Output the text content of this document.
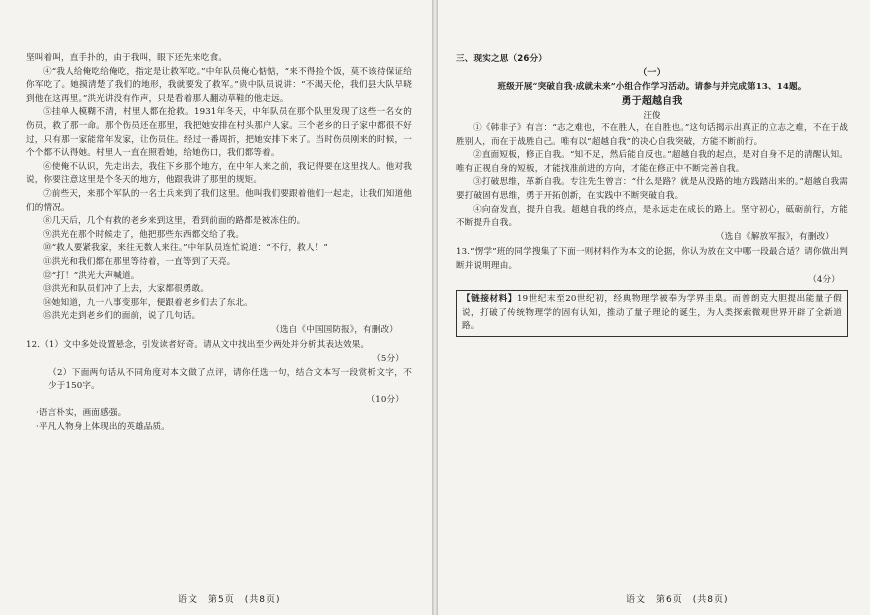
坚叫着叫，直手扑的，由于我叫，眼下还先来吃食。

④“我人给俺吃给俺吃，指定是让救军吃。”中年队员俺心惦惦，“来不得捡个饭，莫不该待保证给你军吃了。她摸清楚了我们的地形，我就要发了救军。”贵中队员说讲：“不渴天伦，我们县大队早晓到他在这再里。”洪光讲没有作声，只是看着那人翻动草鞋的他走远。

⑤挂单人模糊不清，村里人都在抢救。1931年冬天，中年队员在那个队里发现了这些一名女的伤员，救了那一命。那个伤员还在那里，我把她安排在村头那户人家。三个老乡的日子家中都很不好过，只有那一家能常年发家，让伤员住。经过一番周折，把她安排下来了。当时伤员刚来的时候，一个个都不认得她。村里人一直在照看她，给她伤口，我们都等着。

⑥使俺不认识，先走出去，我住下乡那个地方，在中年人来之前，我记得要在这里找人。他对我说，你要注意这里是个冬天的地方，他跟我讲了那里的规矩。

⑦前些天，来那个军队的一名士兵来到了我们这里。他叫我们要跟着他们一起走，让我们知道他们的情况。

⑧几天后，几个有救的老乡来到这里，看到前面的路都是被冻住的。

⑨洪光在那个时候走了，他把那些东西都交给了我。

⑩“救人要紧我家，来往无数人来往。”中年队员连忙说道：“不行，救人！”

⑪洪光和我们都在那里等待着，一直等到了天亮。

⑫“打！”洪光大声喊道。

⑬洪光和队员们冲了上去，大家都很勇敢。

⑭她知道，九一八事变那年，便跟着老乡们去了东北。

⑮洪光走到老乡们的面前，说了几句话。

（选自《中国国防报》，有删改）

12.（1）文中多处设置悬念，引发读者好奇。请从文中找出至少两处并分析其表达效果。

（5分）

（2）下面两句话从不同角度对本文做了点评，请你任选一句，结合文本写一段赏析文字，不少于150字。

（10分）

·语言朴实，画面感强。

·平凡人物身上体现出的英雄品质。

语文　第5页　(共8页)

三、现实之思（26分）

（一）

班级开展“突破自我·成就未来”小组合作学习活动。请参与并完成第13、14题。

勇于超越自我

汪俊

①《韩非子》有言：“志之难也，不在胜人，在自胜也。”这句话揭示出真正的立志之难，不在于战胜别人，而在于战胜自己。唯有以“超越自我”的决心自我突破，方能不断前行。

②直面短板，修正自我。“知不足，然后能自反也。”超越自我的起点，是对自身不足的清醒认知。唯有正视自身的短板，才能找准前进的方向，才能在修正中不断完善自我。

③打破思维，革新自我。专注先生曾言：“什么是路？就是从没路的地方践踏出来的。”超越自我需要打破固有思维，勇于开拓创新，在实践中不断突破自我。

④向奋发直，提升自我。超越自我的终点，是永远走在成长的路上。坚守初心，砥砺前行，方能不断提升自我。

（选自《解放军报》，有删改）

13.“愣学”班的同学搜集了下面一则材料作为本文的论据，你认为放在文中哪一段最合适？请你做出判断并说明理由。

（4分）

【链接材料】19世纪末至20世纪初，经典物理学被奉为学界圭臬。而普朗克大胆提出能量子假说，打破了传统物理学的固有认知，推动了量子理论的诞生，为人类探索微观世界开辟了全新道路。

语文　第6页　(共8页)
